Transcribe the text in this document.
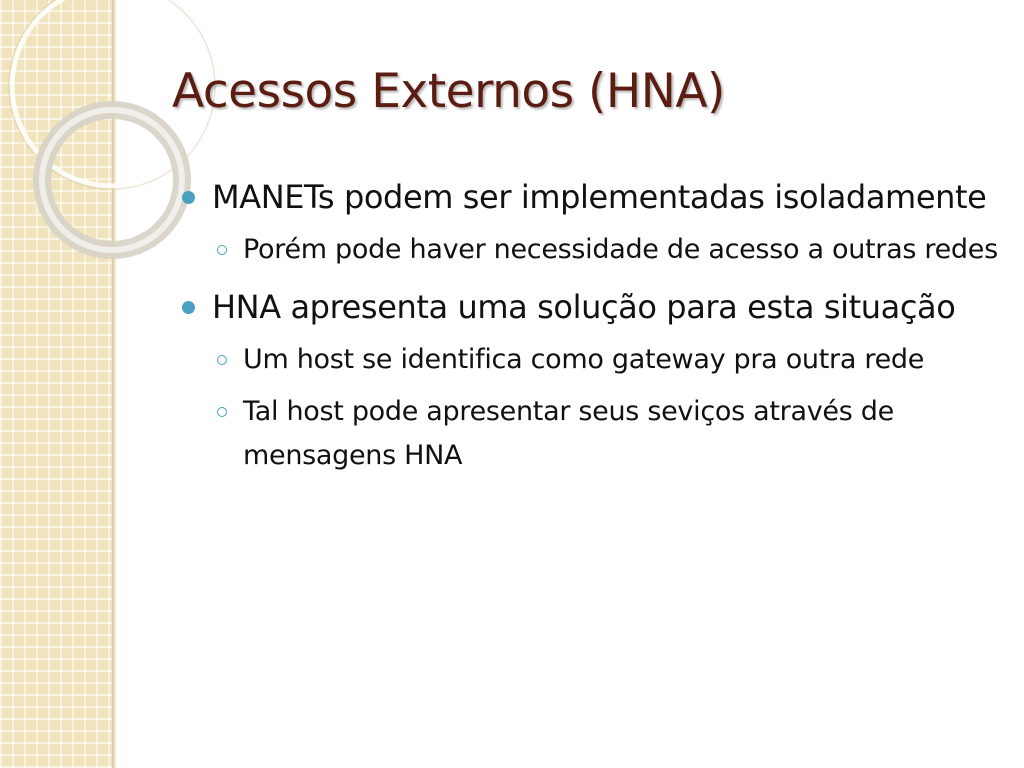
Acessos Externos (HNA)
MANETs podem ser implementadas isoladamente
Porém pode haver necessidade de acesso a outras redes
HNA apresenta uma solução para esta situação
Um host se identifica como gateway pra outra rede
Tal host pode apresentar seus seviços através de mensagens HNA
